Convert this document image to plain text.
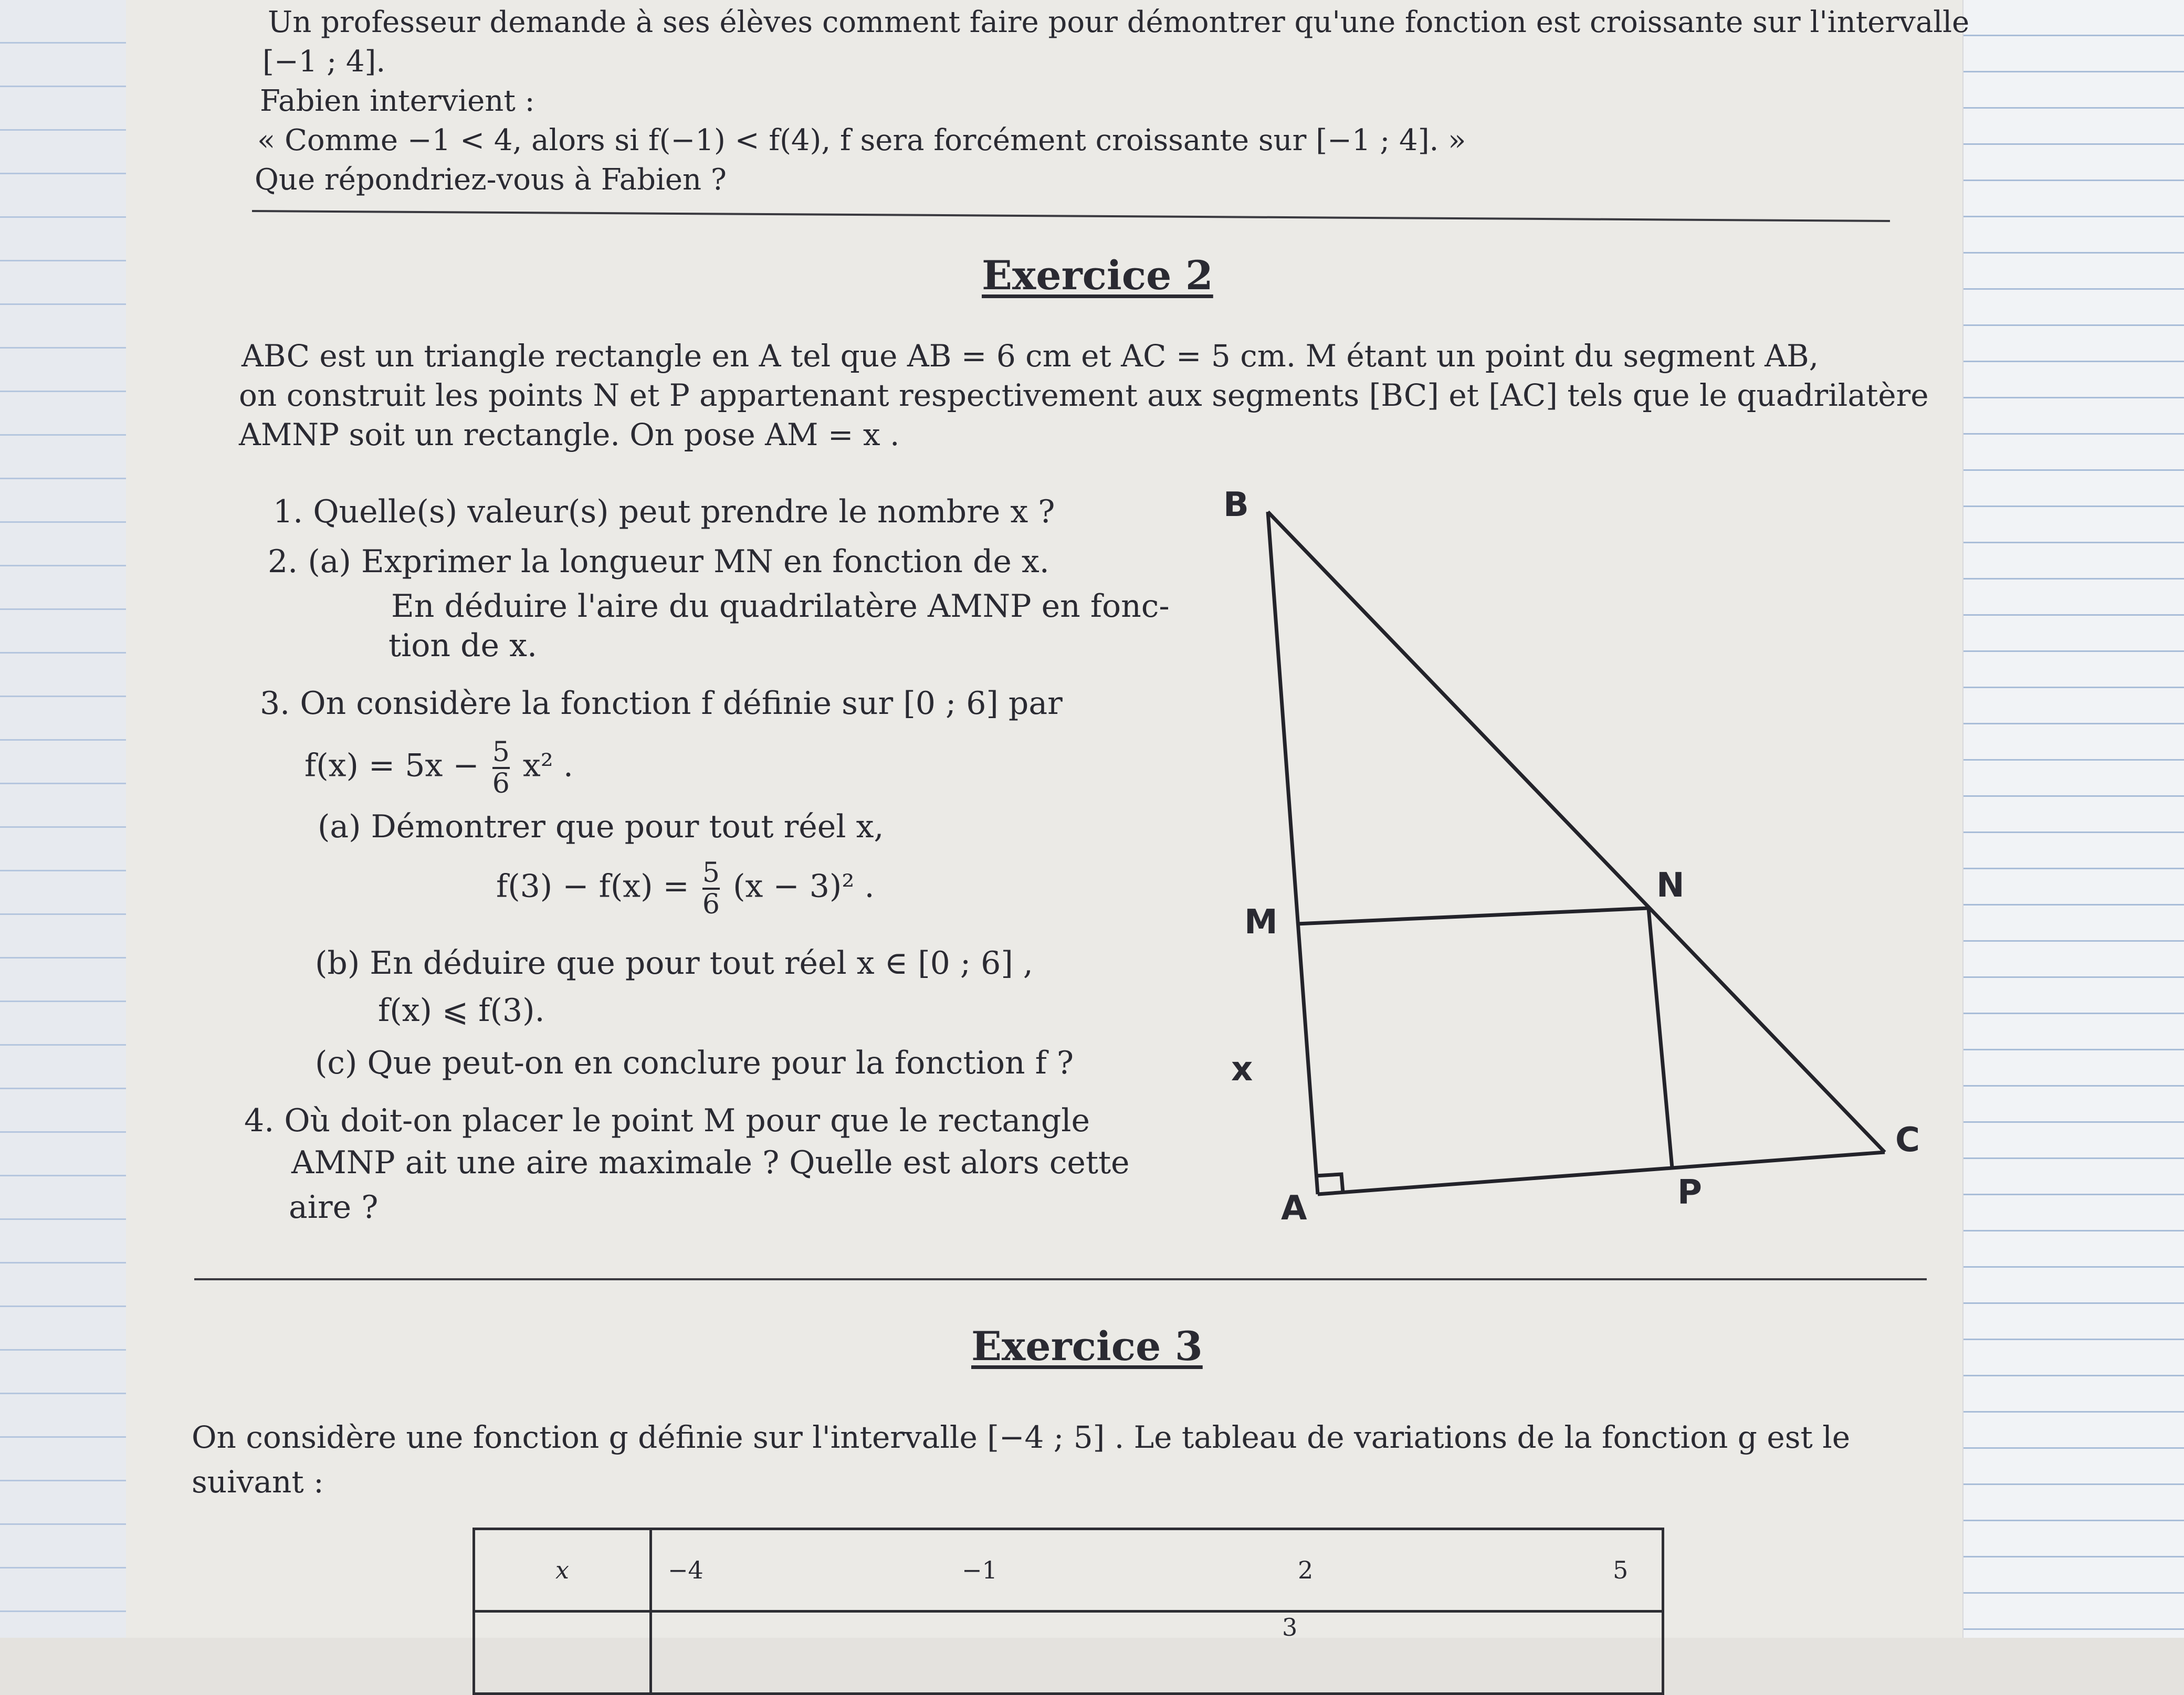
Un professeur demande à ses élèves comment faire pour démontrer qu'une fonction est croissante sur l'intervalle
[−1 ; 4].
Fabien intervient :
« Comme −1 < 4, alors si f(−1) < f(4), f sera forcément croissante sur [−1 ; 4]. »
Que répondriez-vous à Fabien ?
Exercice 2
ABC est un triangle rectangle en A tel que AB = 6 cm et AC = 5 cm. M étant un point du segment AB,
on construit les points N et P appartenant respectivement aux segments [BC] et [AC] tels que le quadrilatère
AMNP soit un rectangle. On pose AM = x .
1. Quelle(s) valeur(s) peut prendre le nombre x ?
2. (a) Exprimer la longueur MN en fonction de x.
En déduire l'aire du quadrilatère AMNP en fonc-
tion de x.
3. On considère la fonction f définie sur [0 ; 6] par
$f(x) = 5x - \frac{5}{6} x^2$ .
(a) Démontrer que pour tout réel x,
$f(3) - f(x) = \frac{5}{6} (x - 3)^2$ .
(b) En déduire que pour tout réel x ∈ [0 ; 6] ,
f(x) ⩽ f(3).
(c) Que peut-on en conclure pour la fonction f ?
4. Où doit-on placer le point M pour que le rectangle
AMNP ait une aire maximale ? Quelle est alors cette
aire ?
B
N
M
x
C
A	P
Exercice 3
On considère une fonction g définie sur l'intervalle [−4 ; 5] . Le tableau de variations de la fonction g est le
suivant :
x	−4 −1 2 5
	3
